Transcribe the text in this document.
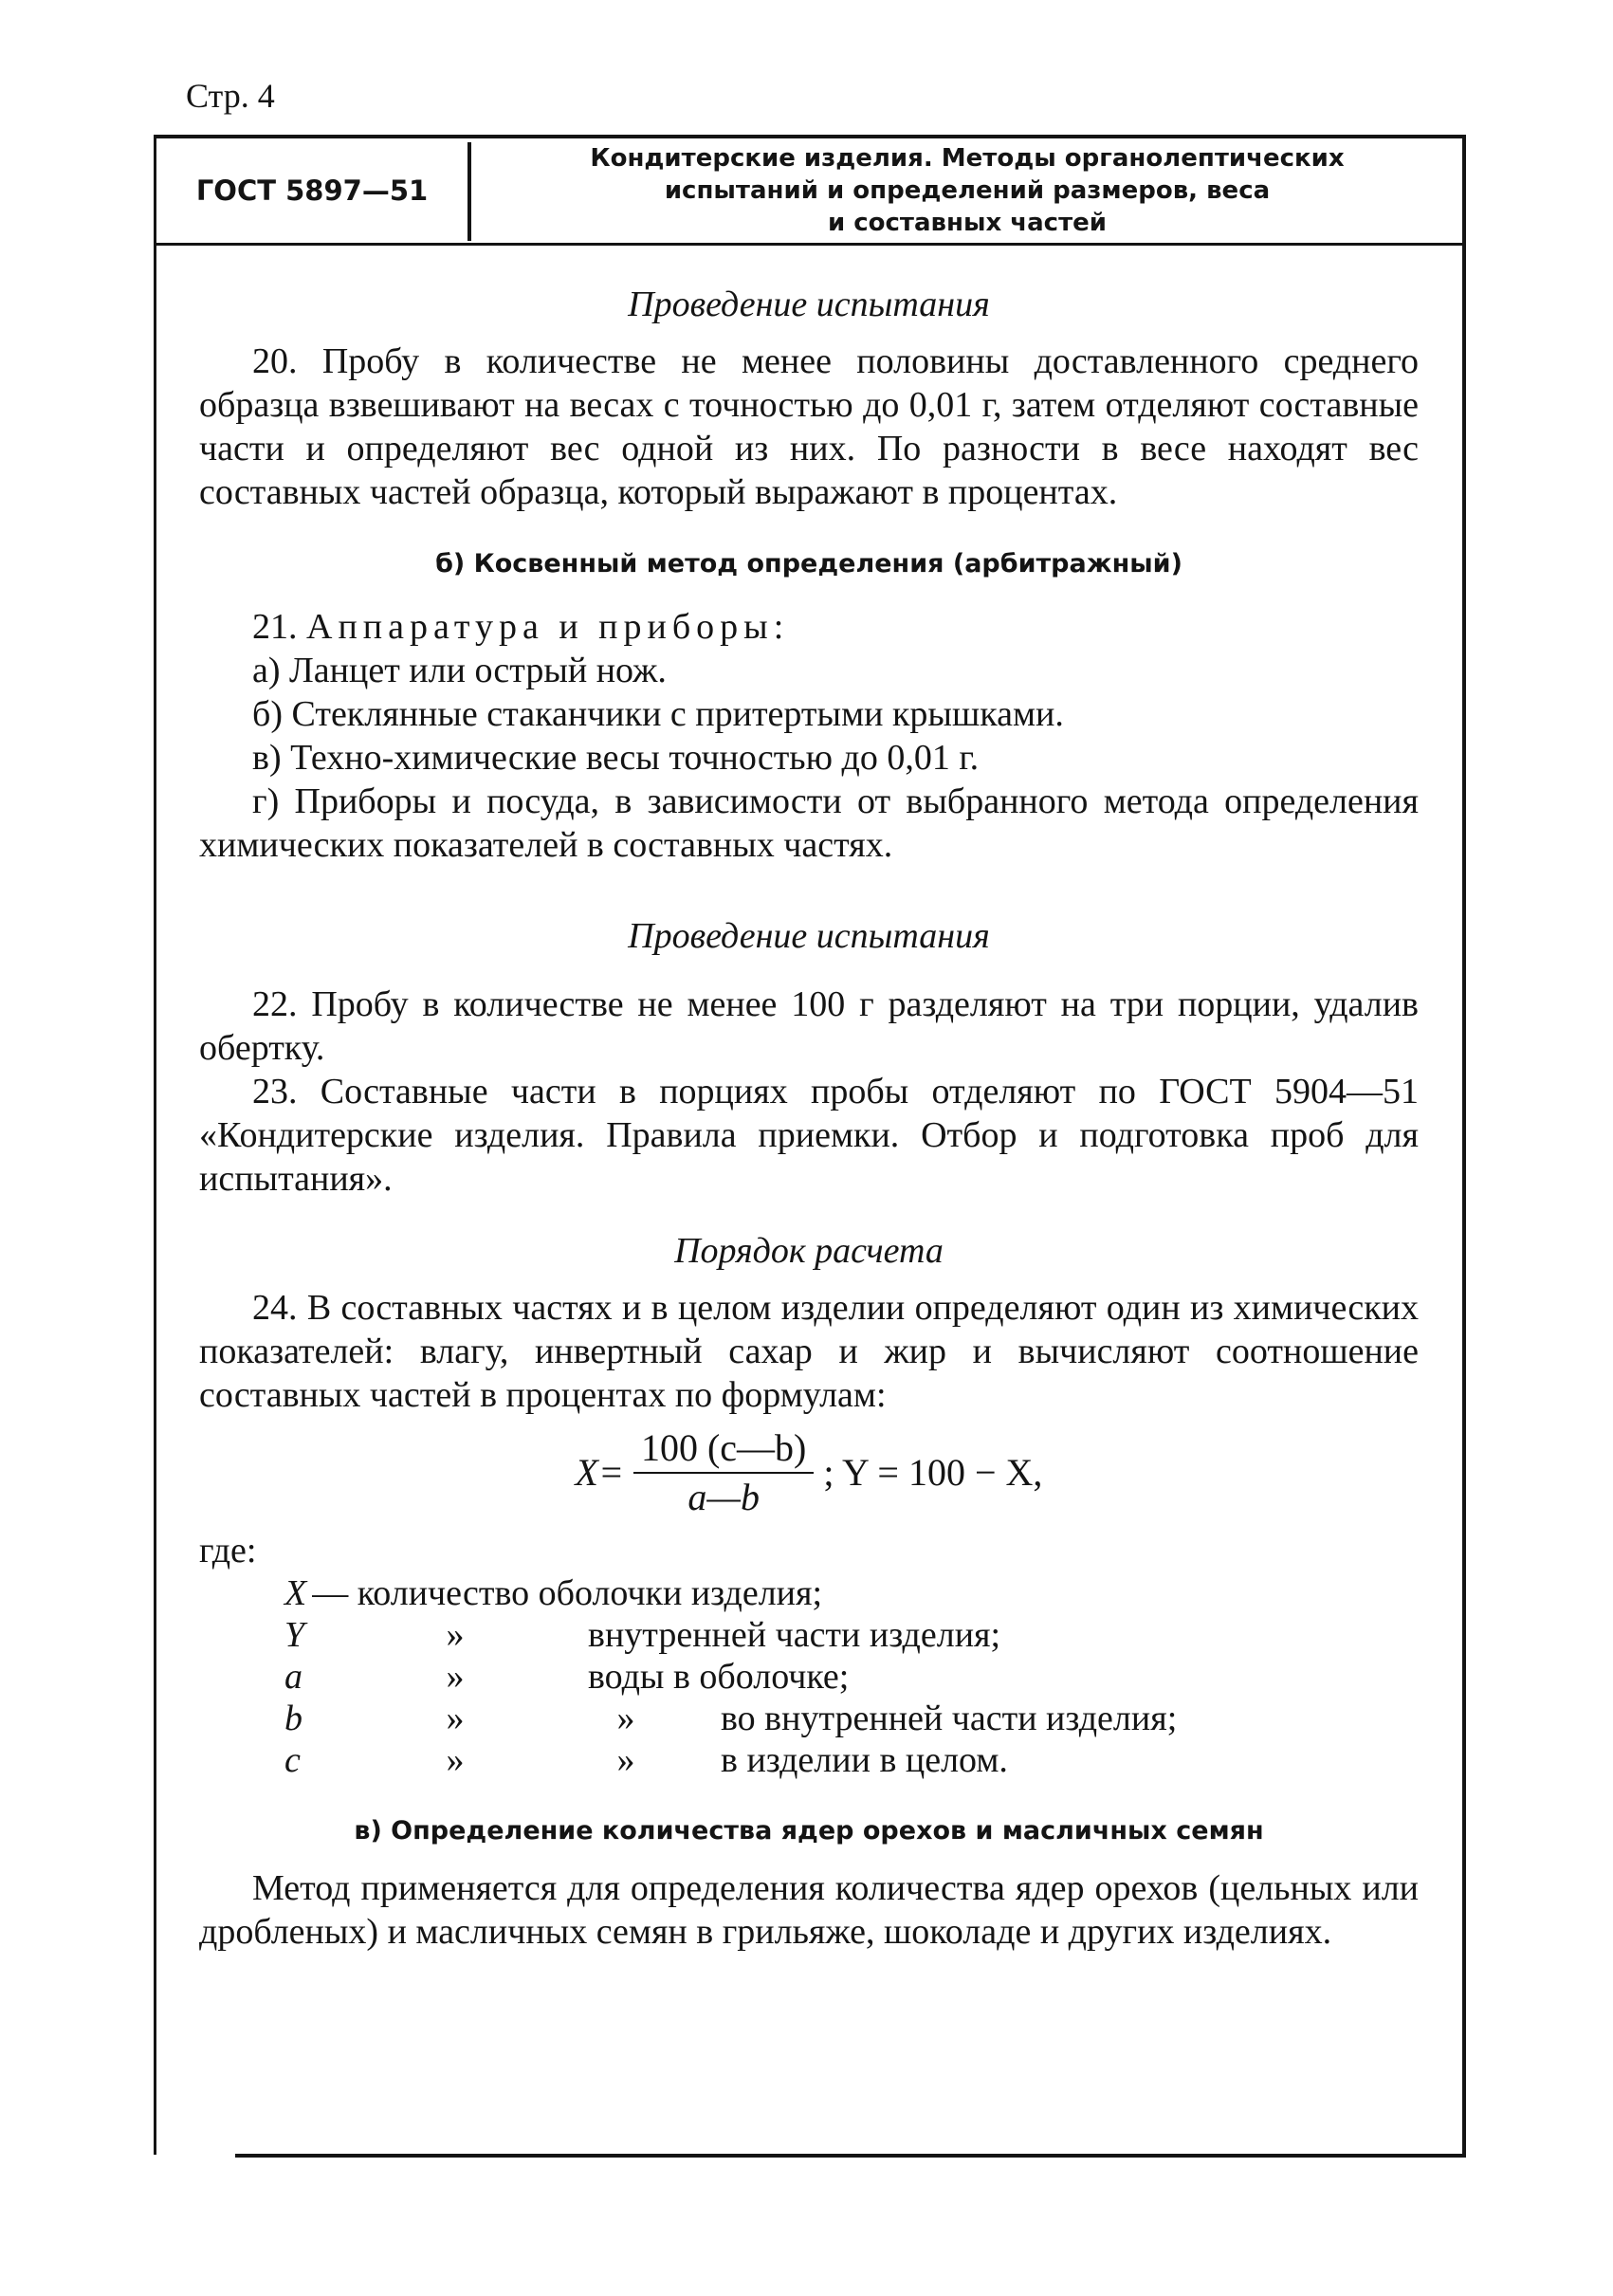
Стр. 4
ГОСТ 5897—51
Кондитерские изделия. Методы органолептических
испытаний и определений размеров, веса
и составных частей
Проведение испытания

20. Пробу в количестве не менее половины доставленного среднего образца взвешивают на весах с точностью до 0,01 г, затем отделяют составные части и определяют вес одной из них. По разности в весе находят вес составных частей образца, который выражают в процентах.

б) Косвенный метод определения (арбитражный)

21. Аппаратура и приборы:

а) Ланцет или острый нож.

б) Стеклянные стаканчики с притертыми крышками.

в) Техно-химические весы точностью до 0,01 г.

г) Приборы и посуда, в зависимости от выбранного метода определения химических показателей в составных частях.

Проведение испытания

22. Пробу в количестве не менее 100 г разделяют на три порции, удалив обертку.

23. Составные части в порциях пробы отделяют по ГОСТ 5904—51 «Кондитерские изделия. Правила приемки. Отбор и подготовка проб для испытания».

Порядок расчета

24. В составных частях и в целом изделии определяют один из химических показателей: влагу, инвертный сахар и жир и вычисляют соотношение составных частей в процентах по формулам:

$X= \frac{100 (c—b)}{a—b}$ ; Y = 100 − X,

где:

X — количество оболочки изделия;
Y	»	внутренней части изделия;
a	»	воды в оболочке;
b	»	»	во внутренней части изделия;
c	»	»	в изделии в целом.
в) Определение количества ядер орехов и масличных семян

Метод применяется для определения количества ядер орехов (цельных или дробленых) и масличных семян в грильяже, шоколаде и других изделиях.
